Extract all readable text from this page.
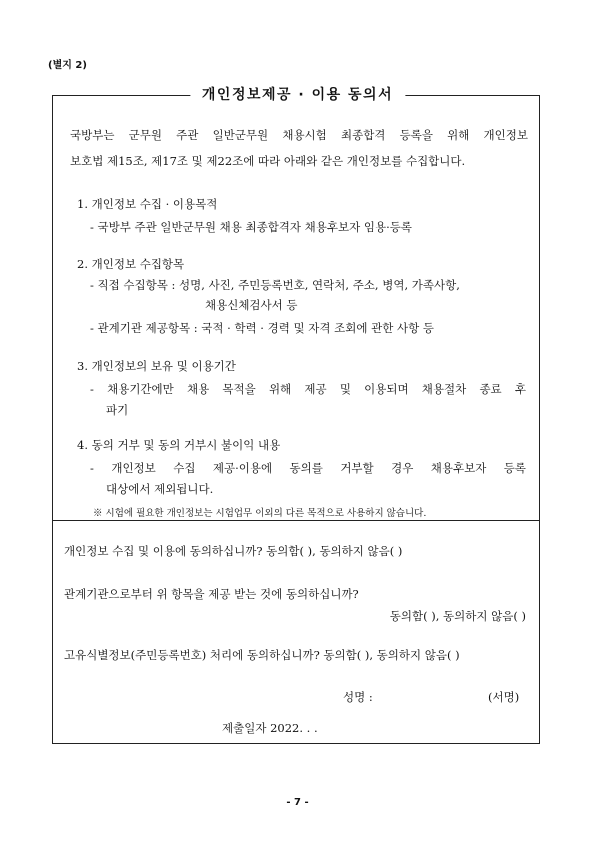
(별지 2)
개인정보제공 · 이용 동의서
국방부는 군무원 주관 일반군무원 채용시험 최종합격 등록을 위해 개인정보
보호법 제15조, 제17조 및 제22조에 따라 아래와 같은 개인정보를 수집합니다.
1. 개인정보 수집 · 이용목적
- 국방부 주관 일반군무원 채용 최종합격자 채용후보자 임용·등록
2. 개인정보 수집항목
- 직접 수집항목 : 성명, 사진, 주민등록번호, 연락처, 주소, 병역, 가족사항,
채용신체검사서 등
- 관계기관 제공항목 : 국적 · 학력 · 경력 및 자격 조회에 관한 사항 등
3. 개인정보의 보유 및 이용기간
- 채용기간에만 채용 목적을 위해 제공 및 이용되며 채용절차 종료 후
파기
4. 동의 거부 및 동의 거부시 불이익 내용
- 개인정보 수집 제공·이용에 동의를 거부할 경우 채용후보자 등록
대상에서 제외됩니다.
※ 시험에 필요한 개인정보는 시험업무 이외의 다른 목적으로 사용하지 않습니다.
개인정보 수집 및 이용에 동의하십니까? 동의함( ), 동의하지 않음( )
관계기관으로부터 위 항목을 제공 받는 것에 동의하십니까?
동의함( ), 동의하지 않음( )
고유식별정보(주민등록번호) 처리에 동의하십니까? 동의함( ), 동의하지 않음( )
성명 :	(서명)
제출일자 2022. . .
- 7 -
